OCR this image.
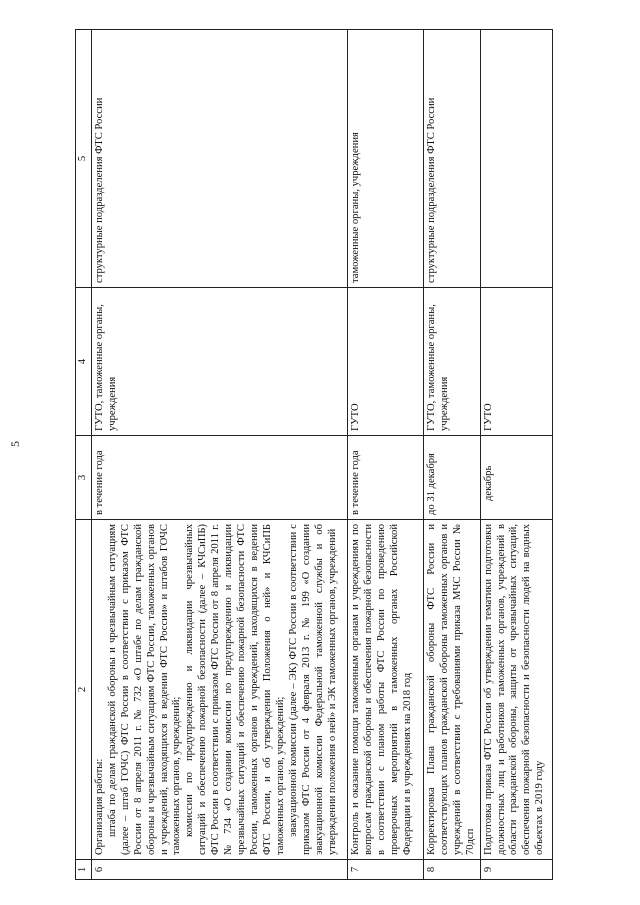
5
1	2	3	4	5
6	Организация работы: штаба по делам гражданской обороны и чрезвычайным ситуациям (далее – штаб ГОЧС) ФТС России в соответствии с приказом ФТС России от 8 апреля 2011 г. № 732 «О штабе по делам гражданской обороны и чрезвычайным ситуациям ФТС России, таможенных органов и учреждений, находящихся в ведении ФТС России» и штабов ГОЧС таможенных органов, учреждений; комиссии по предупреждению и ликвидации чрезвычайных ситуаций и обеспечению пожарной безопасности (далее – КЧСиПБ) ФТС России в соответствии с приказом ФТС России от 8 апреля 2011 г. № 734 «О создании комиссии по предупреждению и ликвидации чрезвычайных ситуаций и обеспечению пожарной безопасности ФТС России, таможенных органов и учреждений, находящихся в ведении ФТС России, и об утверждении Положения о ней» и КЧСиПБ таможенных органов, учреждений; эвакуационной комиссии (далее – ЭК) ФТС России в соответствии с приказом ФТС России от 4 февраля 2013 г. № 199 «О создании эвакуационной комиссии Федеральной таможенной службы и об утверждении положения о ней» и ЭК таможенных органов, учреждений	в течение года	ГУТО, таможенные органы, учреждения	структурные подразделения ФТС России
7	Контроль и оказание помощи таможенным органам и учреждениям по вопросам гражданской обороны и обеспечения пожарной безопасности в соответствии с планом работы ФТС России по проведению проверочных мероприятий в таможенных органах Российской Федерации и в учреждениях на 2018 год	в течение года	ГУТО	таможенные органы, учреждения
8	Корректировка Плана гражданской обороны ФТС России и соответствующих планов гражданской обороны таможенных органов и учреждений в соответствии с требованиями приказа МЧС России № 70дсп	до 31 декабря	ГУТО, таможенные органы, учреждения	структурные подразделения ФТС России
9	Подготовка приказа ФТС России об утверждении тематики подготовки должностных лиц и работников таможенных органов, учреждений в области гражданской обороны, защиты от чрезвычайных ситуаций, обеспечения пожарной безопасности и безопасности людей на водных объектах в 2019 году	декабрь	ГУТО	
